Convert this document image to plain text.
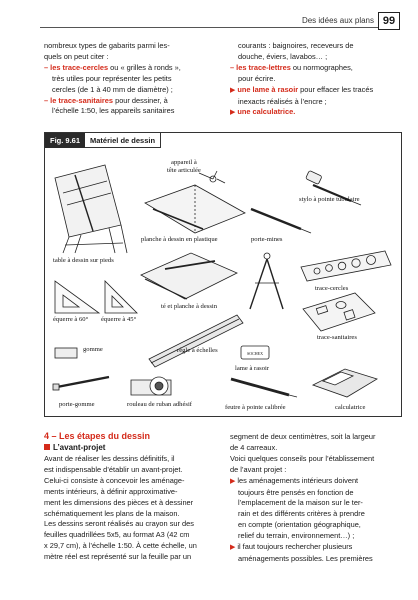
Des idées aux plans 99

nombreux types de gabarits parmi les-

quels on peut citer :

– les trace-cercles ou « grilles à ronds »,

très utiles pour représenter les petits

cercles (de 1 à 40 mm de diamètre) ;

– le trace-sanitaires pour dessiner, à

l’échelle 1:50, les appareils sanitaires

courants : baignoires, receveurs de

douche, éviers, lavabos… ;

– les trace-lettres ou normographes,

pour écrire.

▶ une lame à rasoir pour effacer les tracés

inexacts réalisés à l’encre ;

▶ une calculatrice.

Fig. 9.61	Matériel de dessin
appareil à
tête articulée
stylo à pointe tubulaire
planche à dessin en plastique	porte-mines
table à dessin sur pieds
trace-cercles
té et planche à dessin
équerre à 60° équerre à 45°
trace-sanitaires
gomme	règle à échelles	SOCHEX
lame à rasoir
porte-gomme	rouleau de ruban adhésif	feutre à pointe calibrée	calculatrice
4 – Les étapes du dessin
L’avant-projet

Avant de réaliser les dessins définitifs, il

est indispensable d’établir un avant-projet.

Celui-ci consiste à concevoir les aménage-

ments intérieurs, à définir approximative-

ment les dimensions des pièces et à dessiner

schématiquement les plans de la maison.

Les dessins seront réalisés au crayon sur des

feuilles quadrillées 5x5, au format A3 (42 cm

x 29,7 cm), à l’échelle 1:50. À cette échelle, un

mètre réel est représenté sur la feuille par un

segment de deux centimètres, soit la largeur

de 4 carreaux.

Voici quelques conseils pour l’établissement

de l’avant projet :

▶ les aménagements intérieurs doivent

toujours être pensés en fonction de

l’emplacement de la maison sur le ter-

rain et des différents critères à prendre

en compte (orientation géographique,

relief du terrain, environnement…) ;

▶ il faut toujours rechercher plusieurs

aménagements possibles. Les premières
